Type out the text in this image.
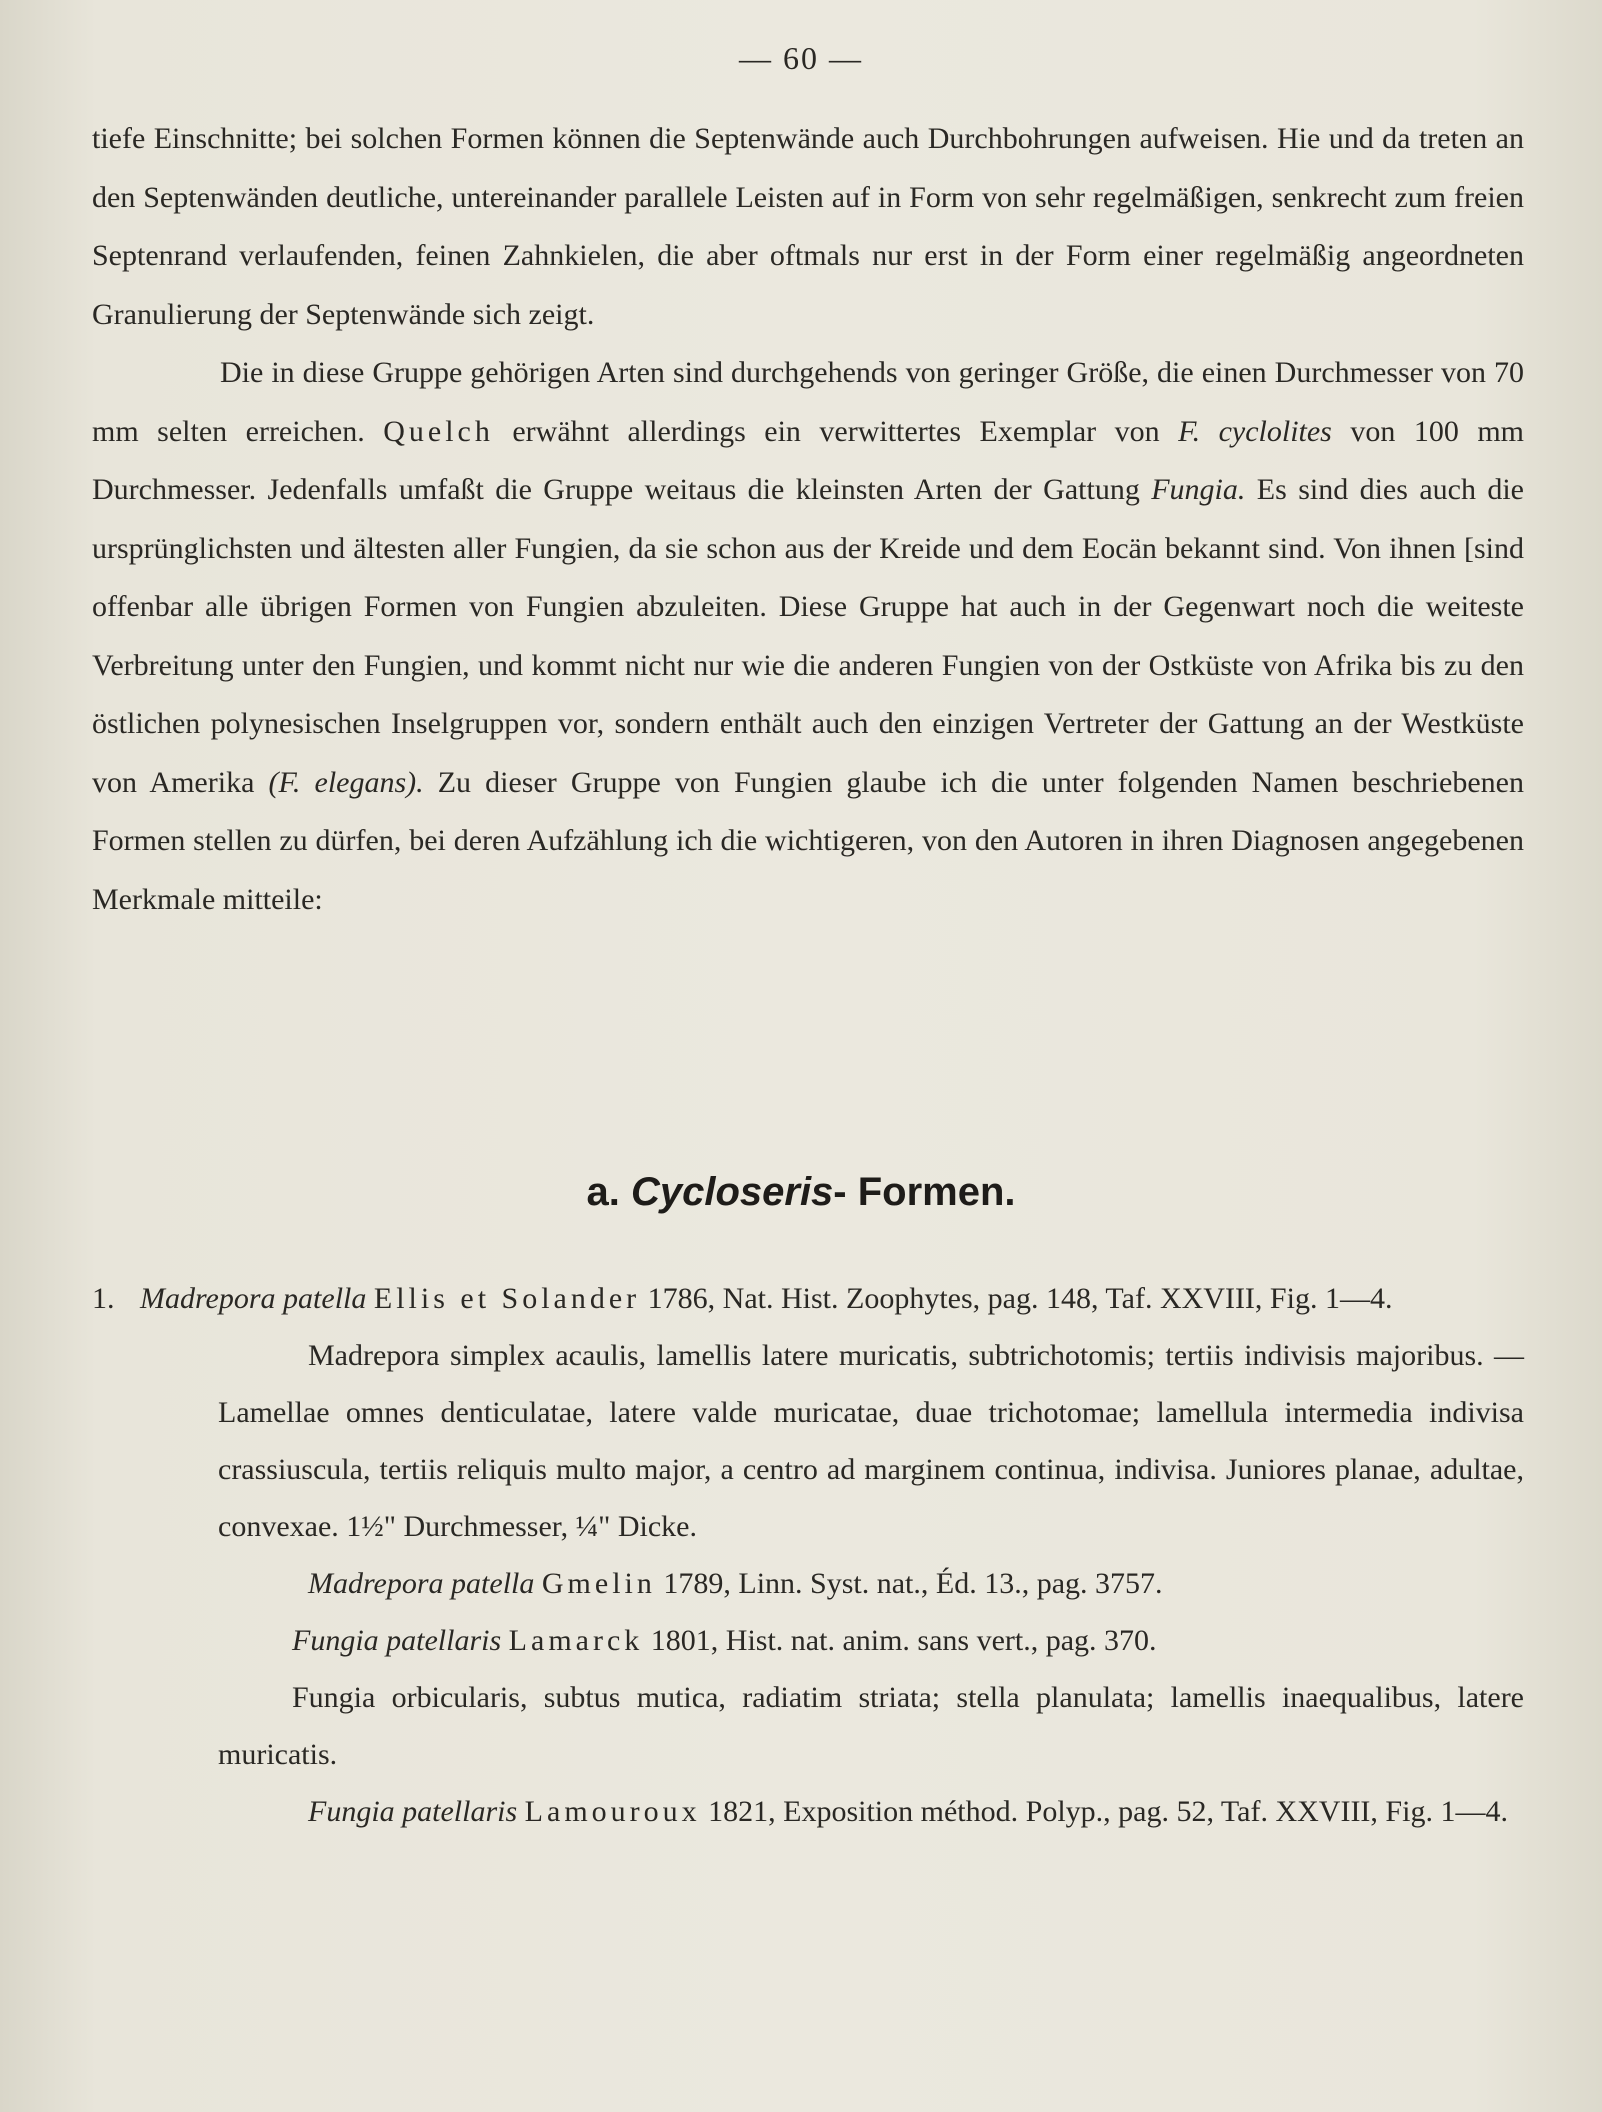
— 60 —

tiefe Einschnitte; bei solchen Formen können die Septenwände auch Durchbohrungen aufweisen. Hie und da treten an den Septenwänden deutliche, untereinander parallele Leisten auf in Form von sehr regelmäßigen, senkrecht zum freien Septenrand verlaufenden, feinen Zahnkielen, die aber oftmals nur erst in der Form einer regelmäßig angeordneten Granulierung der Septenwände sich zeigt.

Die in diese Gruppe gehörigen Arten sind durchgehends von geringer Größe, die einen Durchmesser von 70 mm selten erreichen. Quelch erwähnt allerdings ein verwittertes Exemplar von F. cyclolites von 100 mm Durchmesser. Jedenfalls umfaßt die Gruppe weitaus die kleinsten Arten der Gattung Fungia. Es sind dies auch die ursprünglichsten und ältesten aller Fungien, da sie schon aus der Kreide und dem Eocän bekannt sind. Von ihnen [sind offenbar alle übrigen Formen von Fungien abzuleiten. Diese Gruppe hat auch in der Gegenwart noch die weiteste Verbreitung unter den Fungien, und kommt nicht nur wie die anderen Fungien von der Ostküste von Afrika bis zu den östlichen polynesischen Inselgruppen vor, sondern enthält auch den einzigen Vertreter der Gattung an der Westküste von Amerika (F. elegans). Zu dieser Gruppe von Fungien glaube ich die unter folgenden Namen beschriebenen Formen stellen zu dürfen, bei deren Aufzählung ich die wichtigeren, von den Autoren in ihren Diagnosen angegebenen Merkmale mitteile:

a. Cycloseris- Formen.

1. Madrepora patella Ellis et Solander 1786, Nat. Hist. Zoophytes, pag. 148, Taf. XXVIII, Fig. 1—4.

Madrepora simplex acaulis, lamellis latere muricatis, subtrichotomis; tertiis indivisis majoribus. — Lamellae omnes denticulatae, latere valde muricatae, duae trichotomae; lamellula intermedia indivisa crassiuscula, tertiis reliquis multo major, a centro ad marginem continua, indivisa. Juniores planae, adultae, convexae. 1½" Durchmesser, ¼" Dicke.

Madrepora patella Gmelin 1789, Linn. Syst. nat., Éd. 13., pag. 3757.

Fungia patellaris Lamarck 1801, Hist. nat. anim. sans vert., pag. 370.

Fungia orbicularis, subtus mutica, radiatim striata; stella planulata; lamellis inaequalibus, latere muricatis.

Fungia patellaris Lamouroux 1821, Exposition méthod. Polyp., pag. 52, Taf. XXVIII, Fig. 1—4.
